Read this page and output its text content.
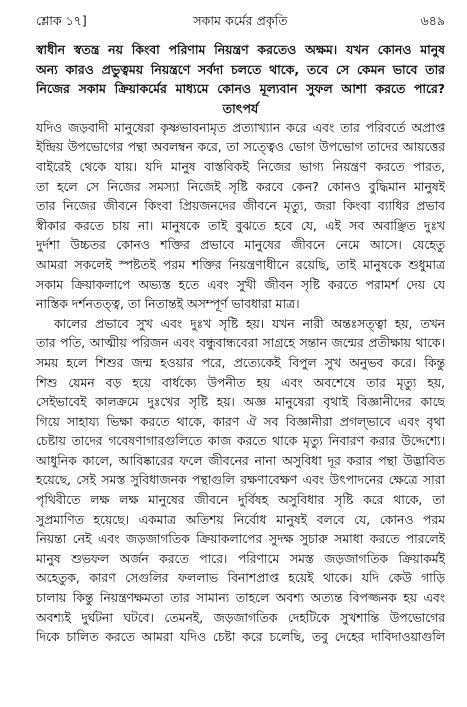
শ্লোক ১৭]	সকাম কর্মের প্রকৃতি	৬৪৯
স্বাধীন স্বতন্ত্র নয় কিংবা পরিণাম নিয়ন্ত্রণ করতেও অক্ষম। যখন কোনও মানুষ
অন্য কারও প্রভুত্বময় নিয়ন্ত্রণে সর্বদা চলতে থাকে, তবে সে কেমন ভাবে তার
নিজের সকাম ক্রিয়াকর্মের মাধ্যমে কোনও মূল্যবান সুফল আশা করতে পারে?
তাৎপর্য
যদিও জড়বাদী মানুষেরা কৃষ্ণভাবনামৃত প্রত্যাখ্যান করে এবং তার পরিবর্তে অপ্রাপ্ত
ইন্দ্রিয় উপভোগের পন্থা অবলম্বন করে, তা সত্ত্বেও ভোগ উপভোগ তাদের আয়ত্তের
বাইরেই থেকে যায়। যদি মানুষ বাস্তবিকই নিজের ভাগ্য নিয়ন্ত্রণ করতে পারত,
তা হলে সে নিজের সমস্যা নিজেই সৃষ্টি করবে কেন? কোনও বুদ্ধিমান মানুষই
তার নিজের জীবনে কিংবা প্রিয়জনদের জীবনে মৃত্যু, জরা কিংবা ব্যাধির প্রভাব
স্বীকার করতে চায় না। মানুষকে তাই বুঝতে হবে যে, এই সব অবাঞ্ছিত দুঃখ
দুর্দশা উচ্চতর কোনও শক্তির প্রভাবে মানুষের জীবনে নেমে আসে। যেহেতু
আমরা সকলেই স্পষ্টতই পরম শক্তির নিয়ন্ত্রণাধীনে রয়েছি, তাই মানুষকে শুধুমাত্র
সকাম ক্রিয়াকলাপে অভ্যস্ত হতে এবং সুখী জীবন সৃষ্টি করতে পরামর্শ দেয় যে
নাস্তিক দর্শনতত্ত্ব, তা নিতান্তই অসম্পূর্ণ ভাবধারা মাত্র।
কালের প্রভাবে সুখ এবং দুঃখ সৃষ্টি হয়। যখন নারী অন্তঃসত্ত্বা হয়, তখন
তার পতি, আত্মীয় পরিজন এবং বন্ধুবান্ধবেরা সাগ্রহে সন্তান জন্মের প্রতীক্ষায় থাকে।
সময় হলে শিশুর জন্ম হওয়ার পরে, প্রত্যেকেই বিপুল সুখ অনুভব করে। কিন্তু
শিশু যেমন বড় হয়ে বার্ধক্যে উপনীত হয় এবং অবশেষে তার মৃত্যু হয়,
সেইভাবেই কালক্রমে দুঃখের সৃষ্টি হয়। অজ্ঞ মানুষেরা বৃথাই বিজ্ঞানীদের কাছে
গিয়ে সাহায্য ভিক্ষা করতে থাকে, কারণ ঐ সব বিজ্ঞানীরা প্রগল্‌ভাবে এবং বৃথা
চেষ্টায় তাদের গবেষণাগারগুলিতে কাজ করতে থাকে মৃত্যু নিবারণ করার উদ্দেশ্যে।
আধুনিক কালে, আবিষ্কারের ফলে জীবনের নানা অসুবিধা দূর করার পন্থা উদ্ভাবিত
হয়েছে, সেই সমস্ত সুবিধাজনক পন্থাগুলি রক্ষণাবেক্ষণ এবং উৎপাদনের ক্ষেত্রে সারা
পৃথিবীতে লক্ষ লক্ষ মানুষের জীবনে দুর্বিষহ অসুবিধার সৃষ্টি করে থাকে, তা
সুপ্রমাণিত হয়েছে। একমাত্র অতিশয় নির্বোধ মানুষই বলবে যে, কোনও পরম
নিয়ন্তা নেই এবং জড়জাগতিক ক্রিয়াকলাপের সুদক্ষ সুচারু সমাধা করতে পারলেই
মানুষ শুভফল অর্জন করতে পারে। পরিণামে সমস্ত জড়জাগতিক ক্রিয়াকর্মই
অহেতুক, কারণ সেগুলির ফললাভ বিনাশপ্রাপ্ত হয়েই থাকে। যদি কেউ গাড়ি
চালায় কিন্তু নিয়ন্ত্রণক্ষমতা তার সামান্য তাহলে অবশ্য অত্যন্ত বিপজ্জনক হয় এবং
অবশ্যই দুর্ঘটনা ঘটবে। তেমনই, জড়জাগতিক দেহটিকে সুখশান্তি উপভোগের
দিকে চালিত করতে আমরা যদিও চেষ্টা করে চলেছি, তবু দেহের দাবিদাওয়াগুলি
